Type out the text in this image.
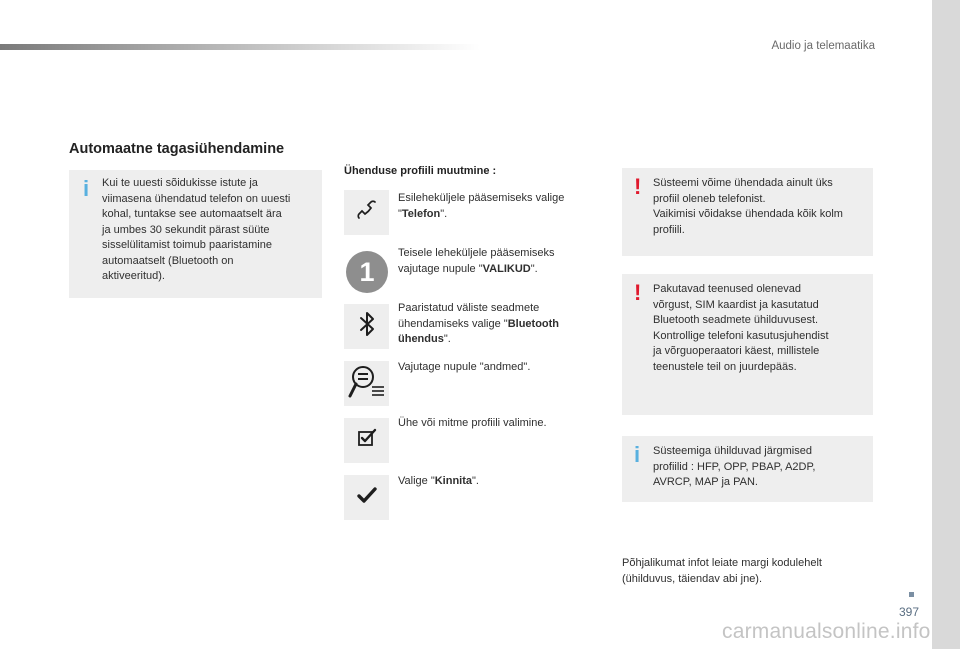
Audio ja telemaatika
Automaatne tagasiühendamine
i Kui te uuesti sõidukisse istute ja
viimasena ühendatud telefon on uuesti
kohal, tuntakse see automaatselt ära
ja umbes 30 sekundit pärast süüte
sisselülitamist toimub paaristamine
automaatselt (Bluetooth on
aktiveeritud).
Ühenduse profiili muutmine :
Esileheküljele pääsemiseks valige
"Telefon".
1
Teisele leheküljele pääsemiseks
vajutage nupule "VALIKUD".
Paaristatud väliste seadmete
ühendamiseks valige "Bluetooth ühendus".
Vajutage nupule "andmed".
Ühe või mitme profiili valimine.
Valige "Kinnita".
! Süsteemi võime ühendada ainult üks
profiil oleneb telefonist.
Vaikimisi võidakse ühendada kõik kolm
profiili.
! Pakutavad teenused olenevad
võrgust, SIM kaardist ja kasutatud
Bluetooth seadmete ühilduvusest.
Kontrollige telefoni kasutusjuhendist
ja võrguoperaatori käest, millistele
teenustele teil on juurdepääs.
i Süsteemiga ühilduvad järgmised
profiilid : HFP, OPP, PBAP, A2DP,
AVRCP, MAP ja PAN.
Põhjalikumat infot leiate margi kodulehelt
(ühilduvus, täiendav abi jne).
397
carmanualsonline.info
